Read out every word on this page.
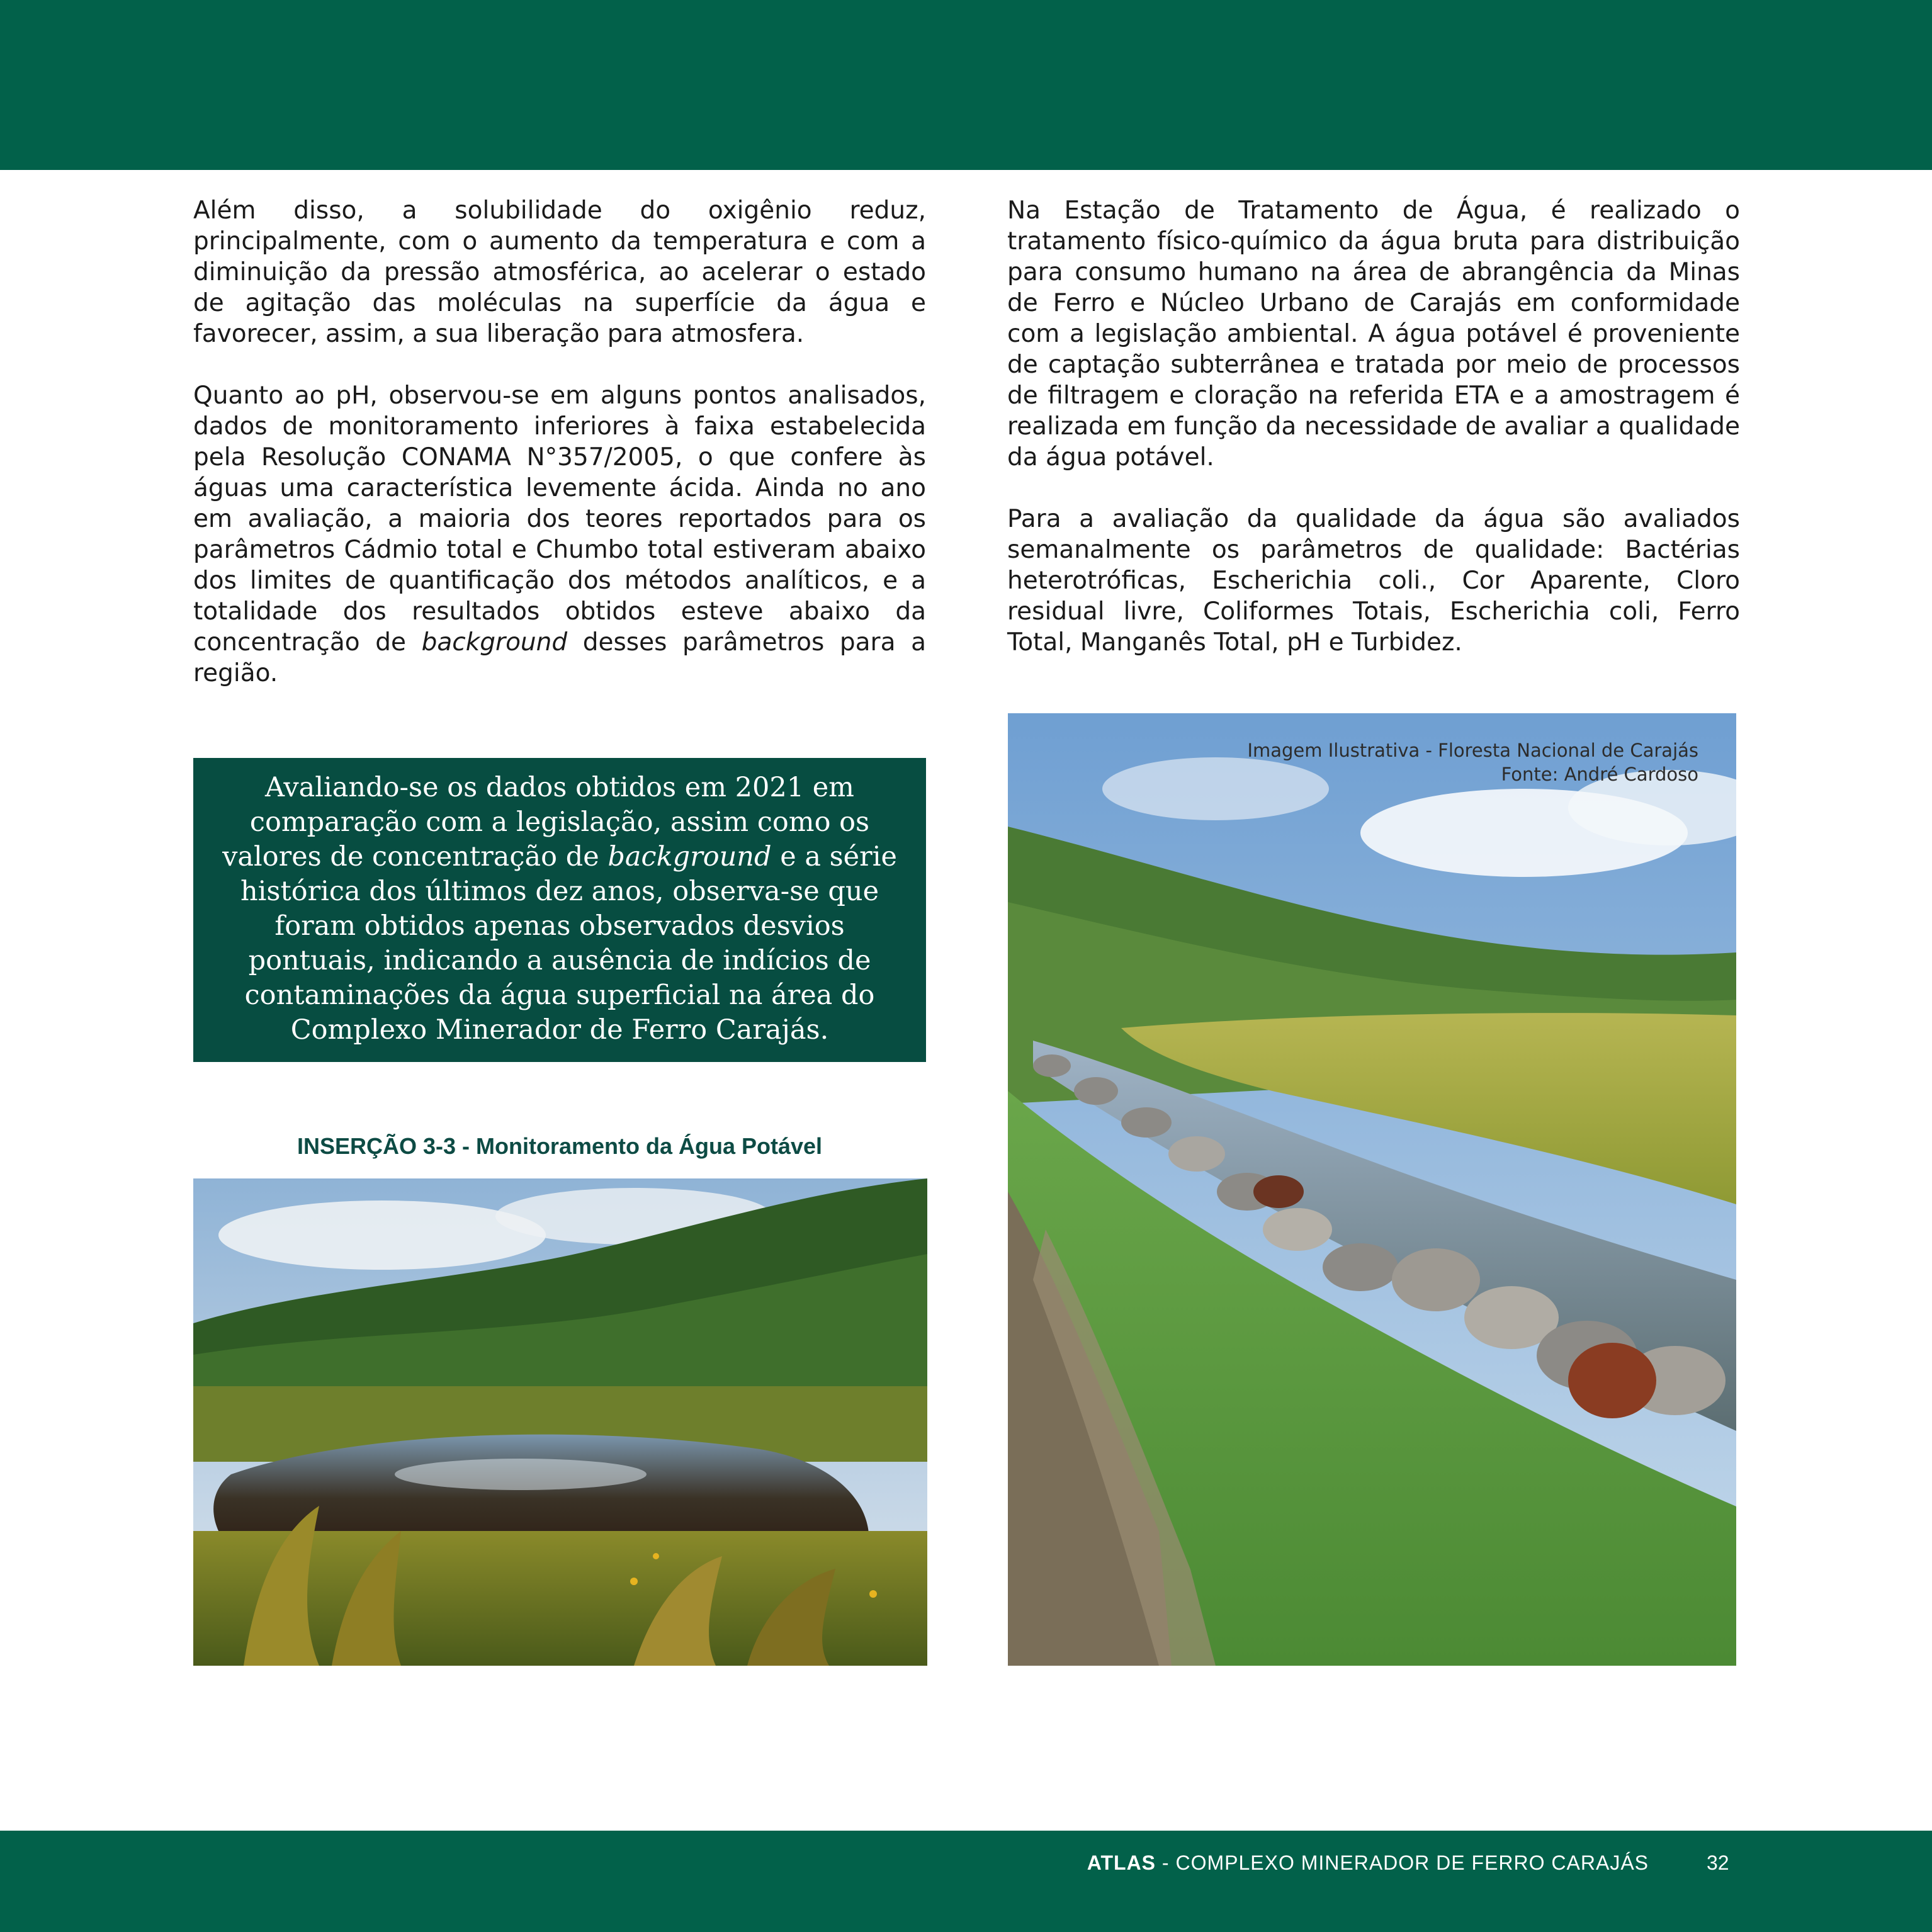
Além disso, a solubilidade do oxigênio reduz, principalmente, com o aumento da temperatura e com a diminuição da pressão atmosférica, ao acelerar o estado de agitação das moléculas na superfície da água e favorecer, assim, a sua liberação para atmosfera.

Quanto ao pH, observou-se em alguns pontos analisados, dados de monitoramento inferiores à faixa estabelecida pela Resolução CONAMA N°357/2005, o que confere às águas uma característica levemente ácida. Ainda no ano em avaliação, a maioria dos teores reportados para os parâmetros Cádmio total e Chumbo total estiveram abaixo dos limites de quantificação dos métodos analíticos, e a totalidade dos resultados obtidos esteve abaixo da concentração de background desses parâmetros para a região.

Na Estação de Tratamento de Água, é realizado o tratamento físico-químico da água bruta para distribuição para consumo humano na área de abrangência da Minas de Ferro e Núcleo Urbano de Carajás em conformidade com a legislação ambiental. A água potável é proveniente de captação subterrânea e tratada por meio de processos de filtragem e cloração na referida ETA e a amostragem é realizada em função da necessidade de avaliar a qualidade da água potável.

Para a avaliação da qualidade da água são avaliados semanalmente os parâmetros de qualidade: Bactérias heterotróficas, Escherichia coli., Cor Aparente, Cloro residual livre, Coliformes Totais, Escherichia coli, Ferro Total, Manganês Total, pH e Turbidez.

Avaliando-se os dados obtidos em 2021 em comparação com a legislação, assim como os valores de concentração de background e a série histórica dos últimos dez anos, observa-se que foram obtidos apenas observados desvios pontuais, indicando a ausência de indícios de contaminações da água superficial na área do Complexo Minerador de Ferro Carajás.

INSERÇÃO 3-3 - Monitoramento da Água Potável
Imagem Ilustrativa - Floresta Nacional de Carajás
Fonte: André Cardoso
ATLAS - COMPLEXO MINERADOR DE FERRO CARAJÁS	32
